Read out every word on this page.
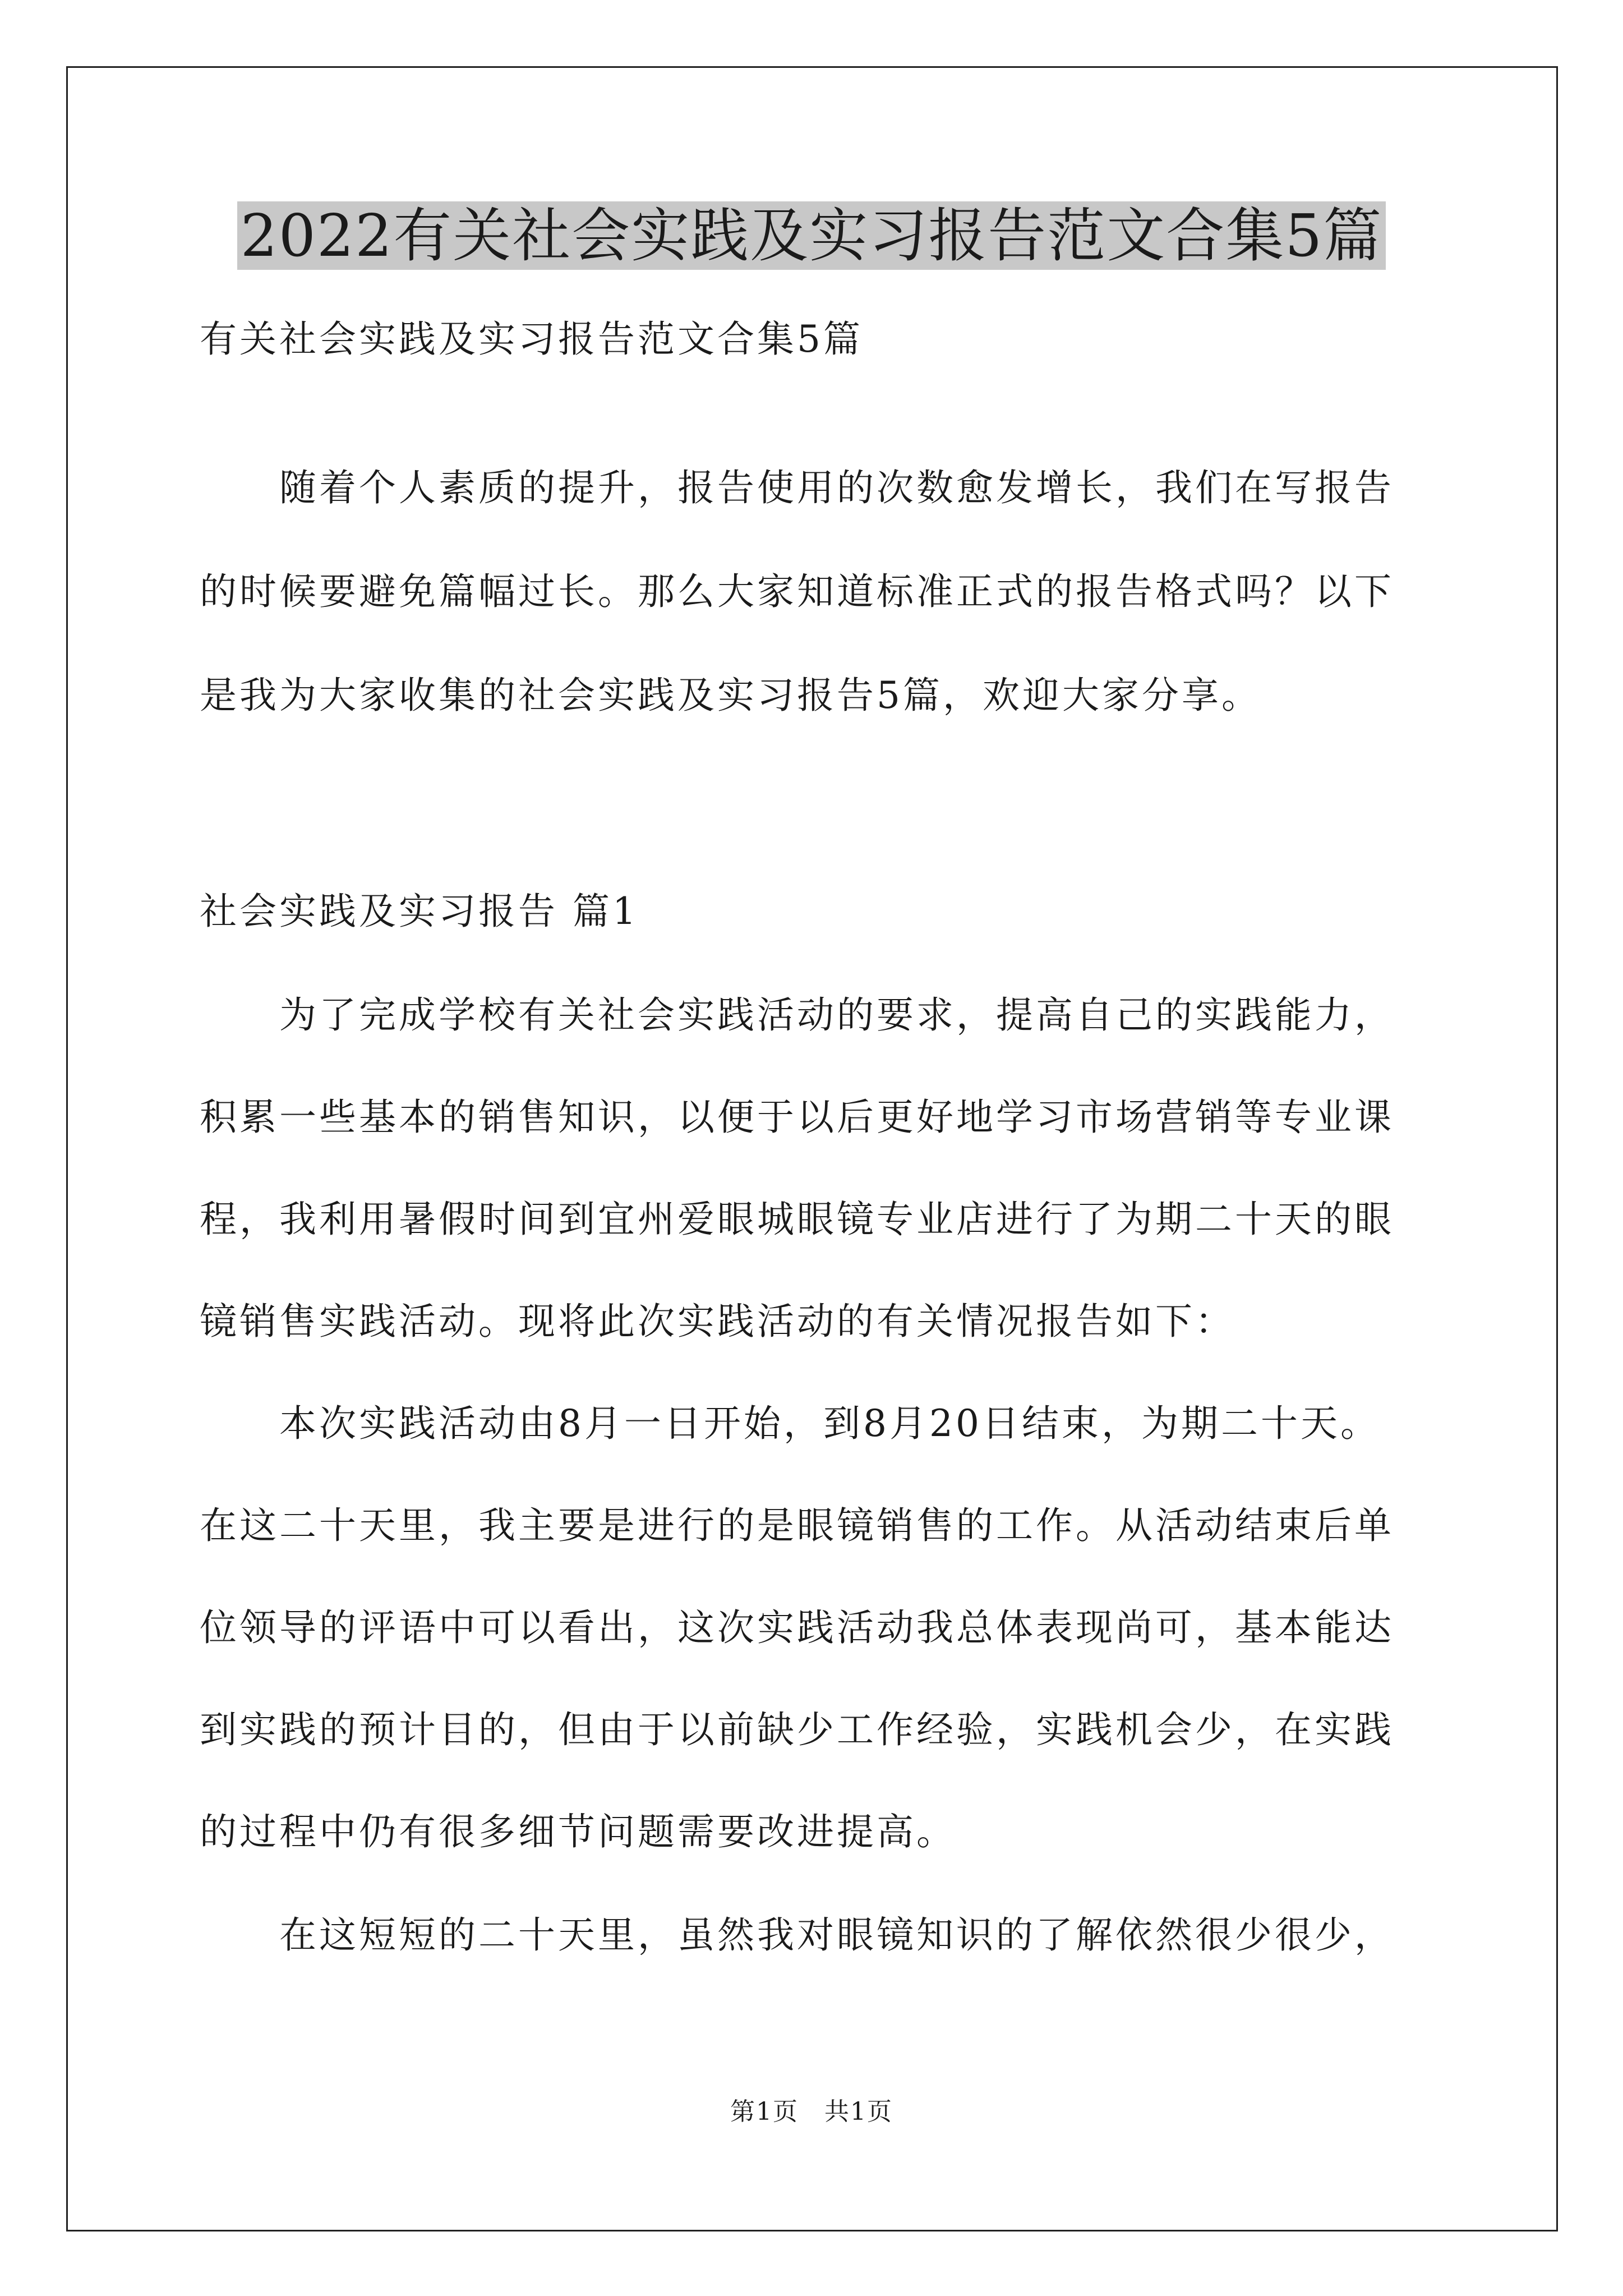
2022有关社会实践及实习报告范文合集5篇
有关社会实践及实习报告范文合集5篇
　　随着个人素质的提升，报告使用的次数愈发增长，我们在写报告
的时候要避免篇幅过长。那么大家知道标准正式的报告格式吗？以下
是我为大家收集的社会实践及实习报告5篇，欢迎大家分享。
社会实践及实习报告 篇1
　　为了完成学校有关社会实践活动的要求，提高自己的实践能力，
积累一些基本的销售知识，以便于以后更好地学习市场营销等专业课
程，我利用暑假时间到宜州爱眼城眼镜专业店进行了为期二十天的眼
镜销售实践活动。现将此次实践活动的有关情况报告如下：
　　本次实践活动由8月一日开始，到8月20日结束，为期二十天。
在这二十天里，我主要是进行的是眼镜销售的工作。从活动结束后单
位领导的评语中可以看出，这次实践活动我总体表现尚可，基本能达
到实践的预计目的，但由于以前缺少工作经验，实践机会少，在实践
的过程中仍有很多细节问题需要改进提高。
　　在这短短的二十天里，虽然我对眼镜知识的了解依然很少很少，
第1页　共1页
